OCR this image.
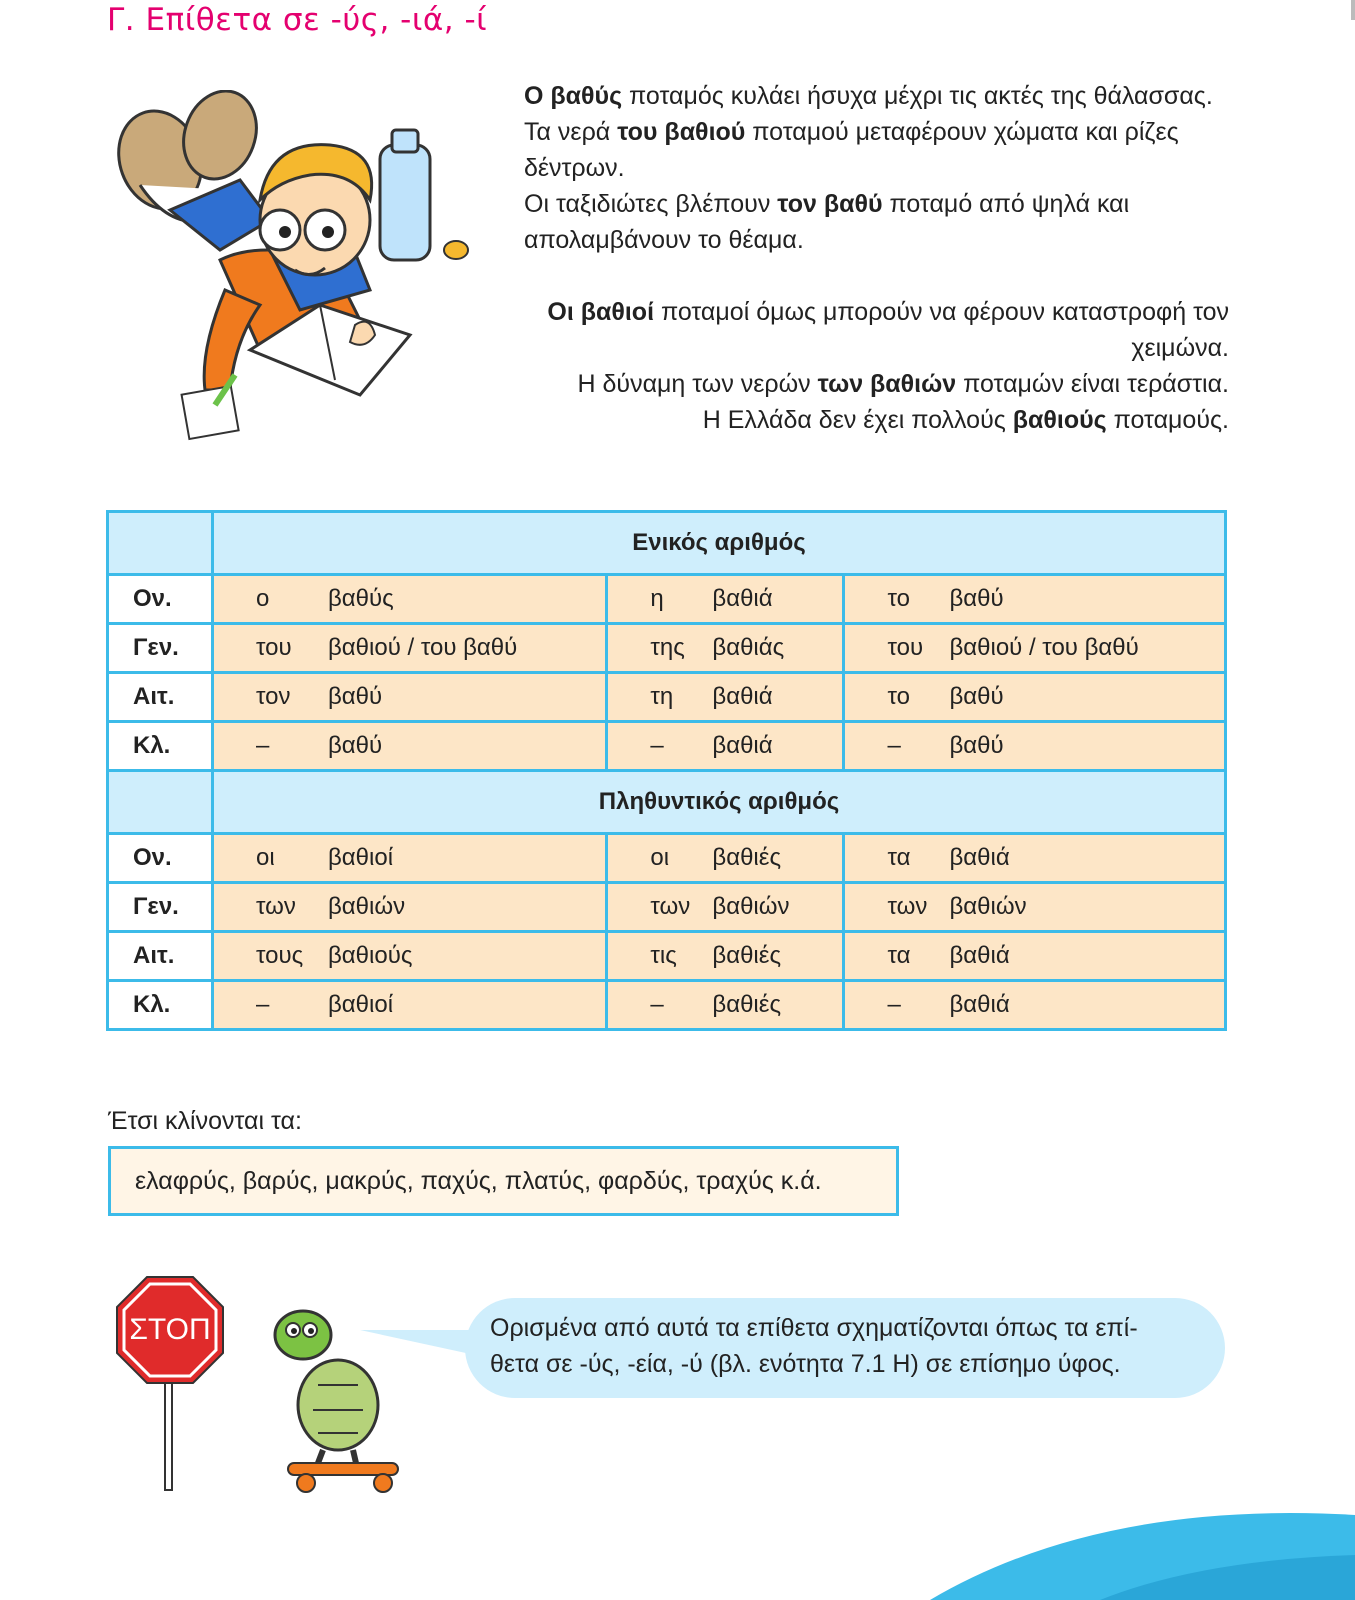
Γ. Επίθετα σε -ύς, -ιά, -ί

Ο βαθύς ποταμός κυλάει ήσυχα μέχρι τις ακτές της θάλασσας.

Τα νερά του βαθιού ποταμού μεταφέρουν χώματα και ρίζες δέντρων.

Οι ταξιδιώτες βλέπουν τον βαθύ ποταμό από ψηλά και απολαμβάνουν το θέαμα.

Οι βαθιοί ποταμοί όμως μπορούν να φέρουν καταστροφή τον χειμώνα.

Η δύναμη των νερών των βαθιών ποταμών είναι τεράστια.

Η Ελλάδα δεν έχει πολλούς βαθιούς ποταμούς.

	Ενικός αριθμός		
Ον.	ο βαθύς	η βαθιά	το βαθύ
Γεν.	του βαθιού / του βαθύ	της βαθιάς	του βαθιού / του βαθύ
Αιτ.	τον βαθύ	τη βαθιά	το βαθύ
Κλ.	– βαθύ	– βαθιά	– βαθύ
	Πληθυντικός αριθμός		
Ον.	οι βαθιοί	οι βαθιές	τα βαθιά
Γεν.	των βαθιών	των βαθιών	των βαθιών
Αιτ.	τους βαθιούς	τις βαθιές	τα βαθιά
Κλ.	– βαθιοί	– βαθιές	– βαθιά
Έτσι κλίνονται τα:
ελαφρύς, βαρύς, μακρύς, παχύς, πλατύς, φαρδύς, τραχύς κ.ά.
ΣΤΟΠ	Ορισμένα από αυτά τα επίθετα σχηματίζονται όπως τα επί-
θετα σε -ύς, -εία, -ύ (βλ. ενότητα 7.1 Η) σε επίσημο ύφος.
